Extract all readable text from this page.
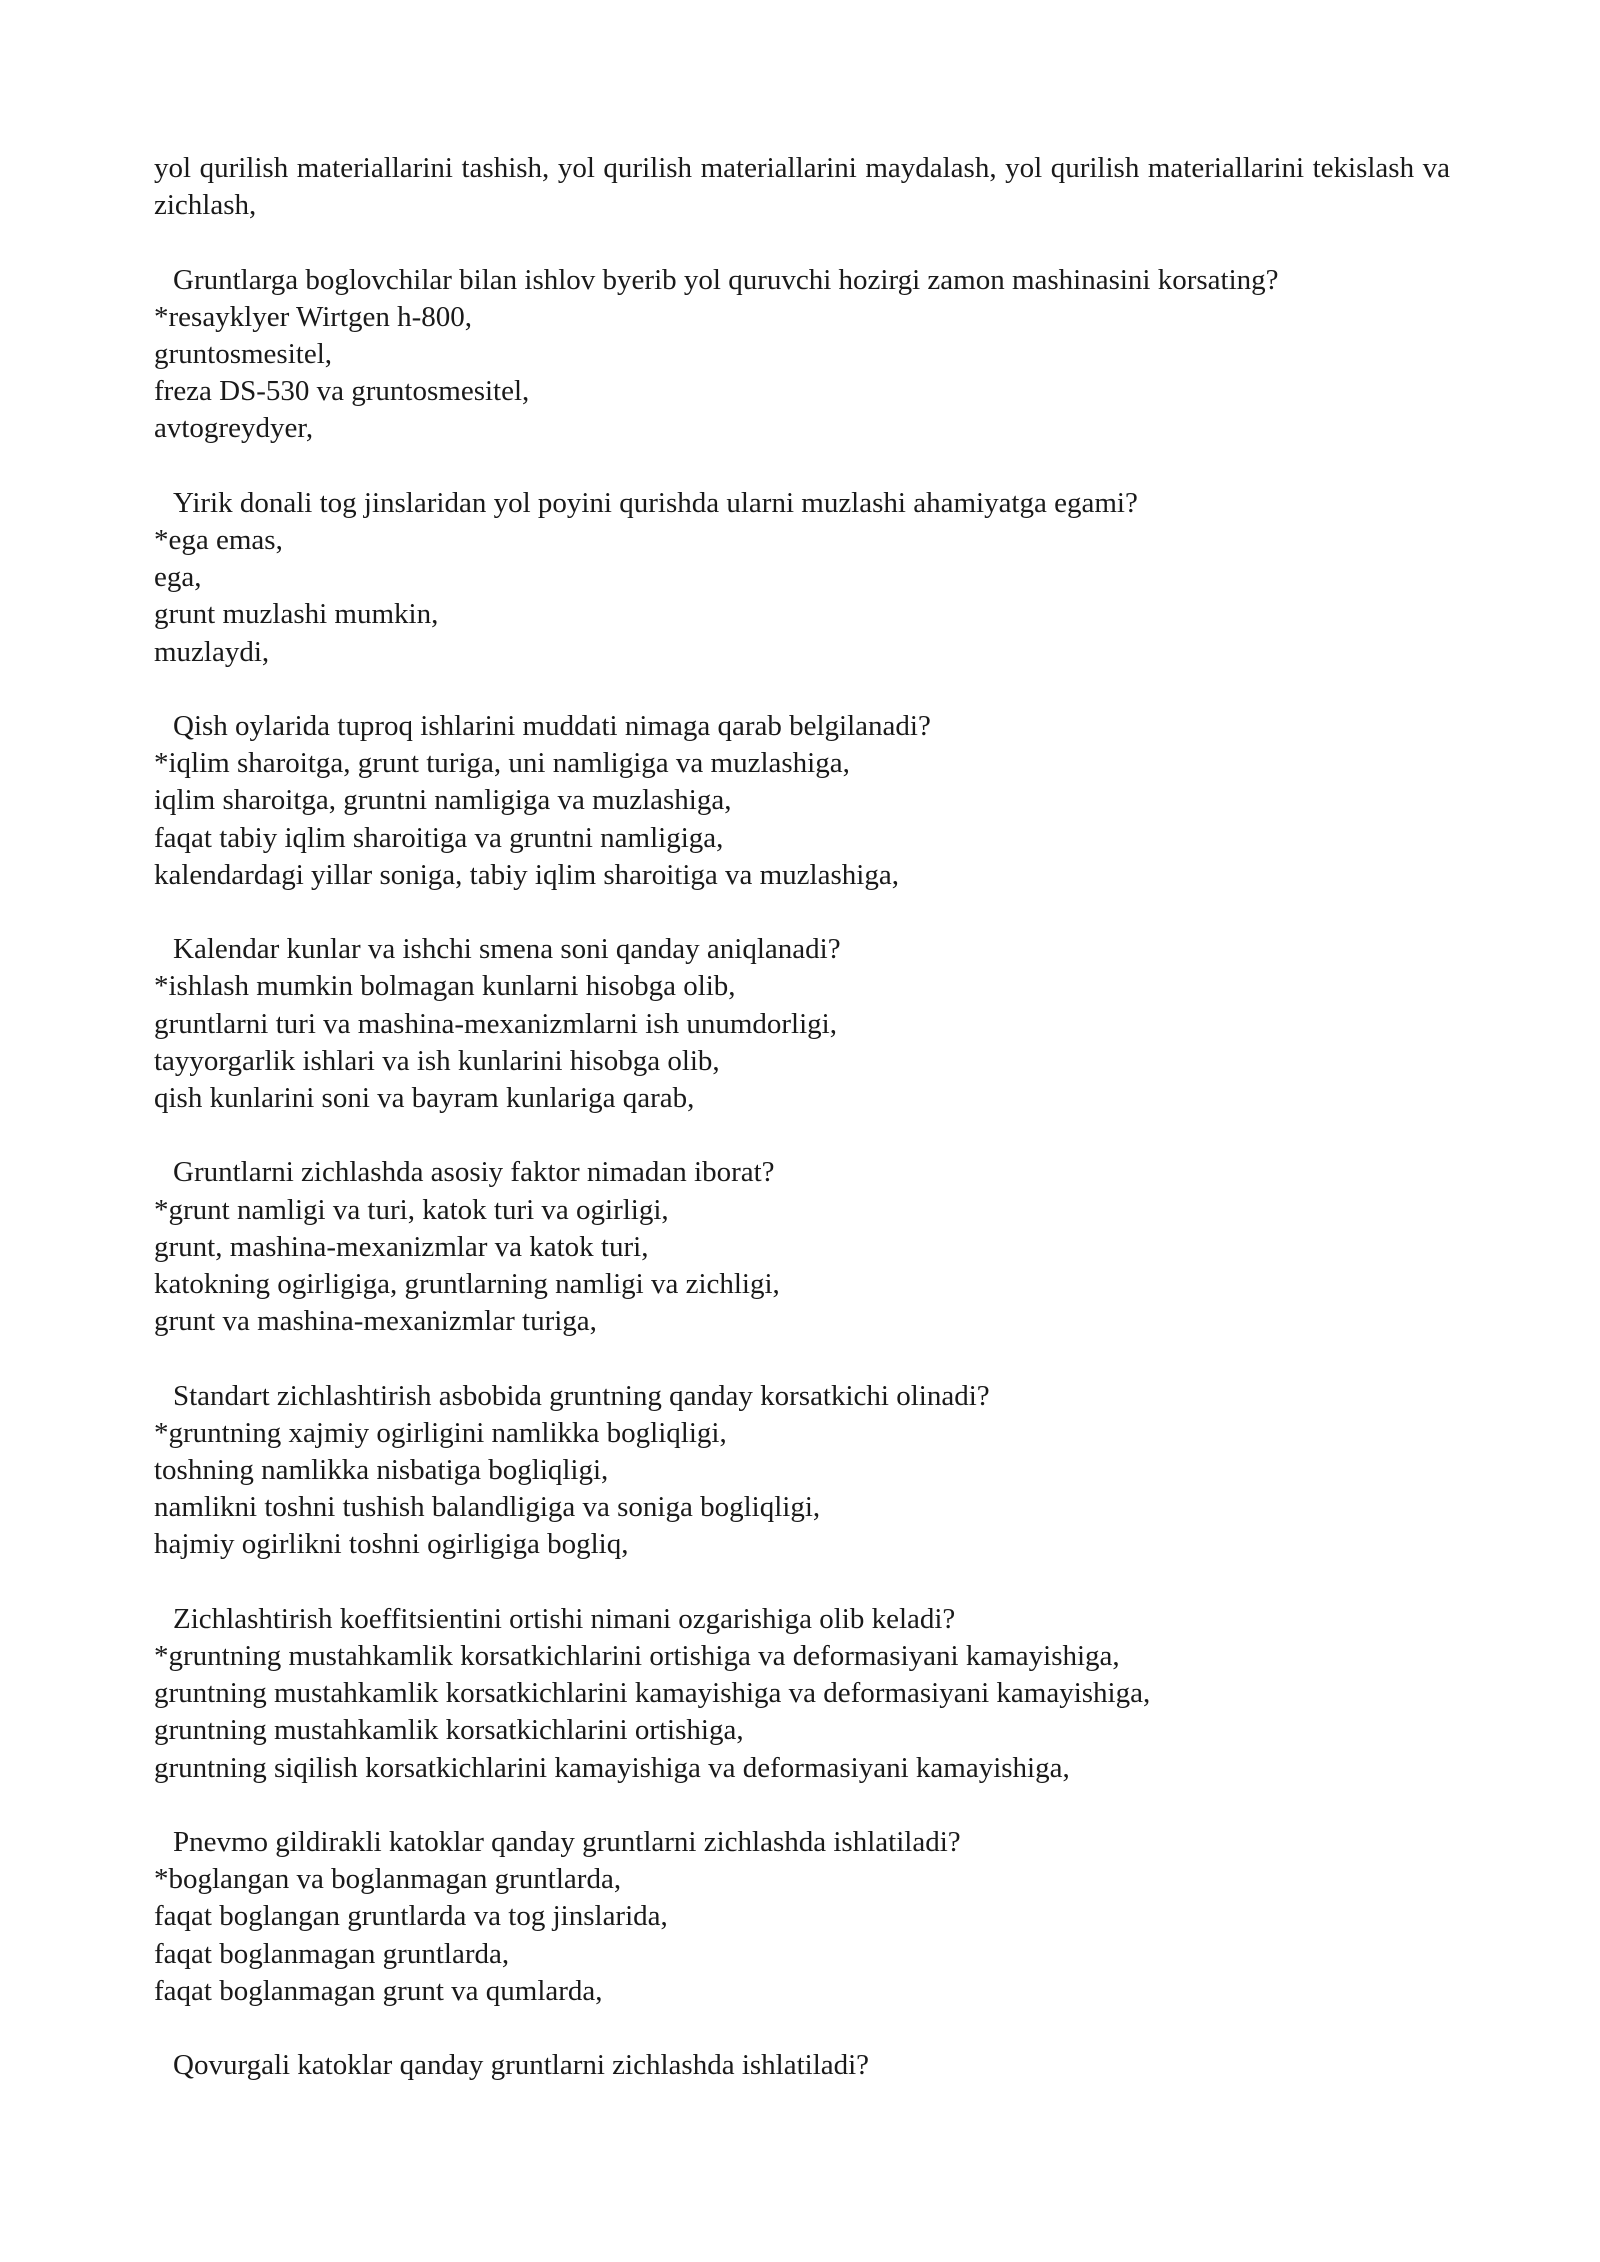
yol qurilish materiallarini tashish, yol qurilish materiallarini maydalash, yol qurilish materiallarini tekislash va zichlash,

Gruntlarga boglovchilar bilan ishlov byerib yol quruvchi hozirgi zamon mashinasini korsating?

*resayklyer Wirtgen h-800,

gruntosmesitel,

freza DS-530 va gruntosmesitel,

avtogreydyer,

Yirik donali tog jinslaridan yol poyini qurishda ularni muzlashi ahamiyatga egami?

*ega emas,

ega,

grunt muzlashi mumkin,

muzlaydi,

Qish oylarida tuproq ishlarini muddati nimaga qarab belgilanadi?

*iqlim sharoitga, grunt turiga, uni namligiga va muzlashiga,

iqlim sharoitga, gruntni namligiga va muzlashiga,

faqat tabiy iqlim sharoitiga va gruntni namligiga,

kalendardagi yillar soniga, tabiy iqlim sharoitiga va muzlashiga,

Kalendar kunlar va ishchi smena soni qanday aniqlanadi?

*ishlash mumkin bolmagan kunlarni hisobga olib,

gruntlarni turi va mashina-mexanizmlarni ish unumdorligi,

tayyorgarlik ishlari va ish kunlarini hisobga olib,

qish kunlarini soni va bayram kunlariga qarab,

Gruntlarni zichlashda asosiy faktor nimadan iborat?

*grunt namligi va turi, katok turi va ogirligi,

grunt, mashina-mexanizmlar va katok turi,

katokning ogirligiga, gruntlarning namligi va zichligi,

grunt va mashina-mexanizmlar turiga,

Standart zichlashtirish asbobida gruntning qanday korsatkichi olinadi?

*gruntning xajmiy ogirligini namlikka bogliqligi,

toshning namlikka nisbatiga bogliqligi,

namlikni toshni tushish balandligiga va soniga bogliqligi,

hajmiy ogirlikni toshni ogirligiga bogliq,

Zichlashtirish koeffitsientini ortishi nimani ozgarishiga olib keladi?

*gruntning mustahkamlik korsatkichlarini ortishiga va deformasiyani kamayishiga,

gruntning mustahkamlik korsatkichlarini kamayishiga va deformasiyani kamayishiga,

gruntning mustahkamlik korsatkichlarini ortishiga,

gruntning siqilish korsatkichlarini kamayishiga va deformasiyani kamayishiga,

Pnevmo gildirakli katoklar qanday gruntlarni zichlashda ishlatiladi?

*boglangan va boglanmagan gruntlarda,

faqat boglangan gruntlarda va tog jinslarida,

faqat boglanmagan gruntlarda,

faqat boglanmagan grunt va qumlarda,

Qovurgali katoklar qanday gruntlarni zichlashda ishlatiladi?
